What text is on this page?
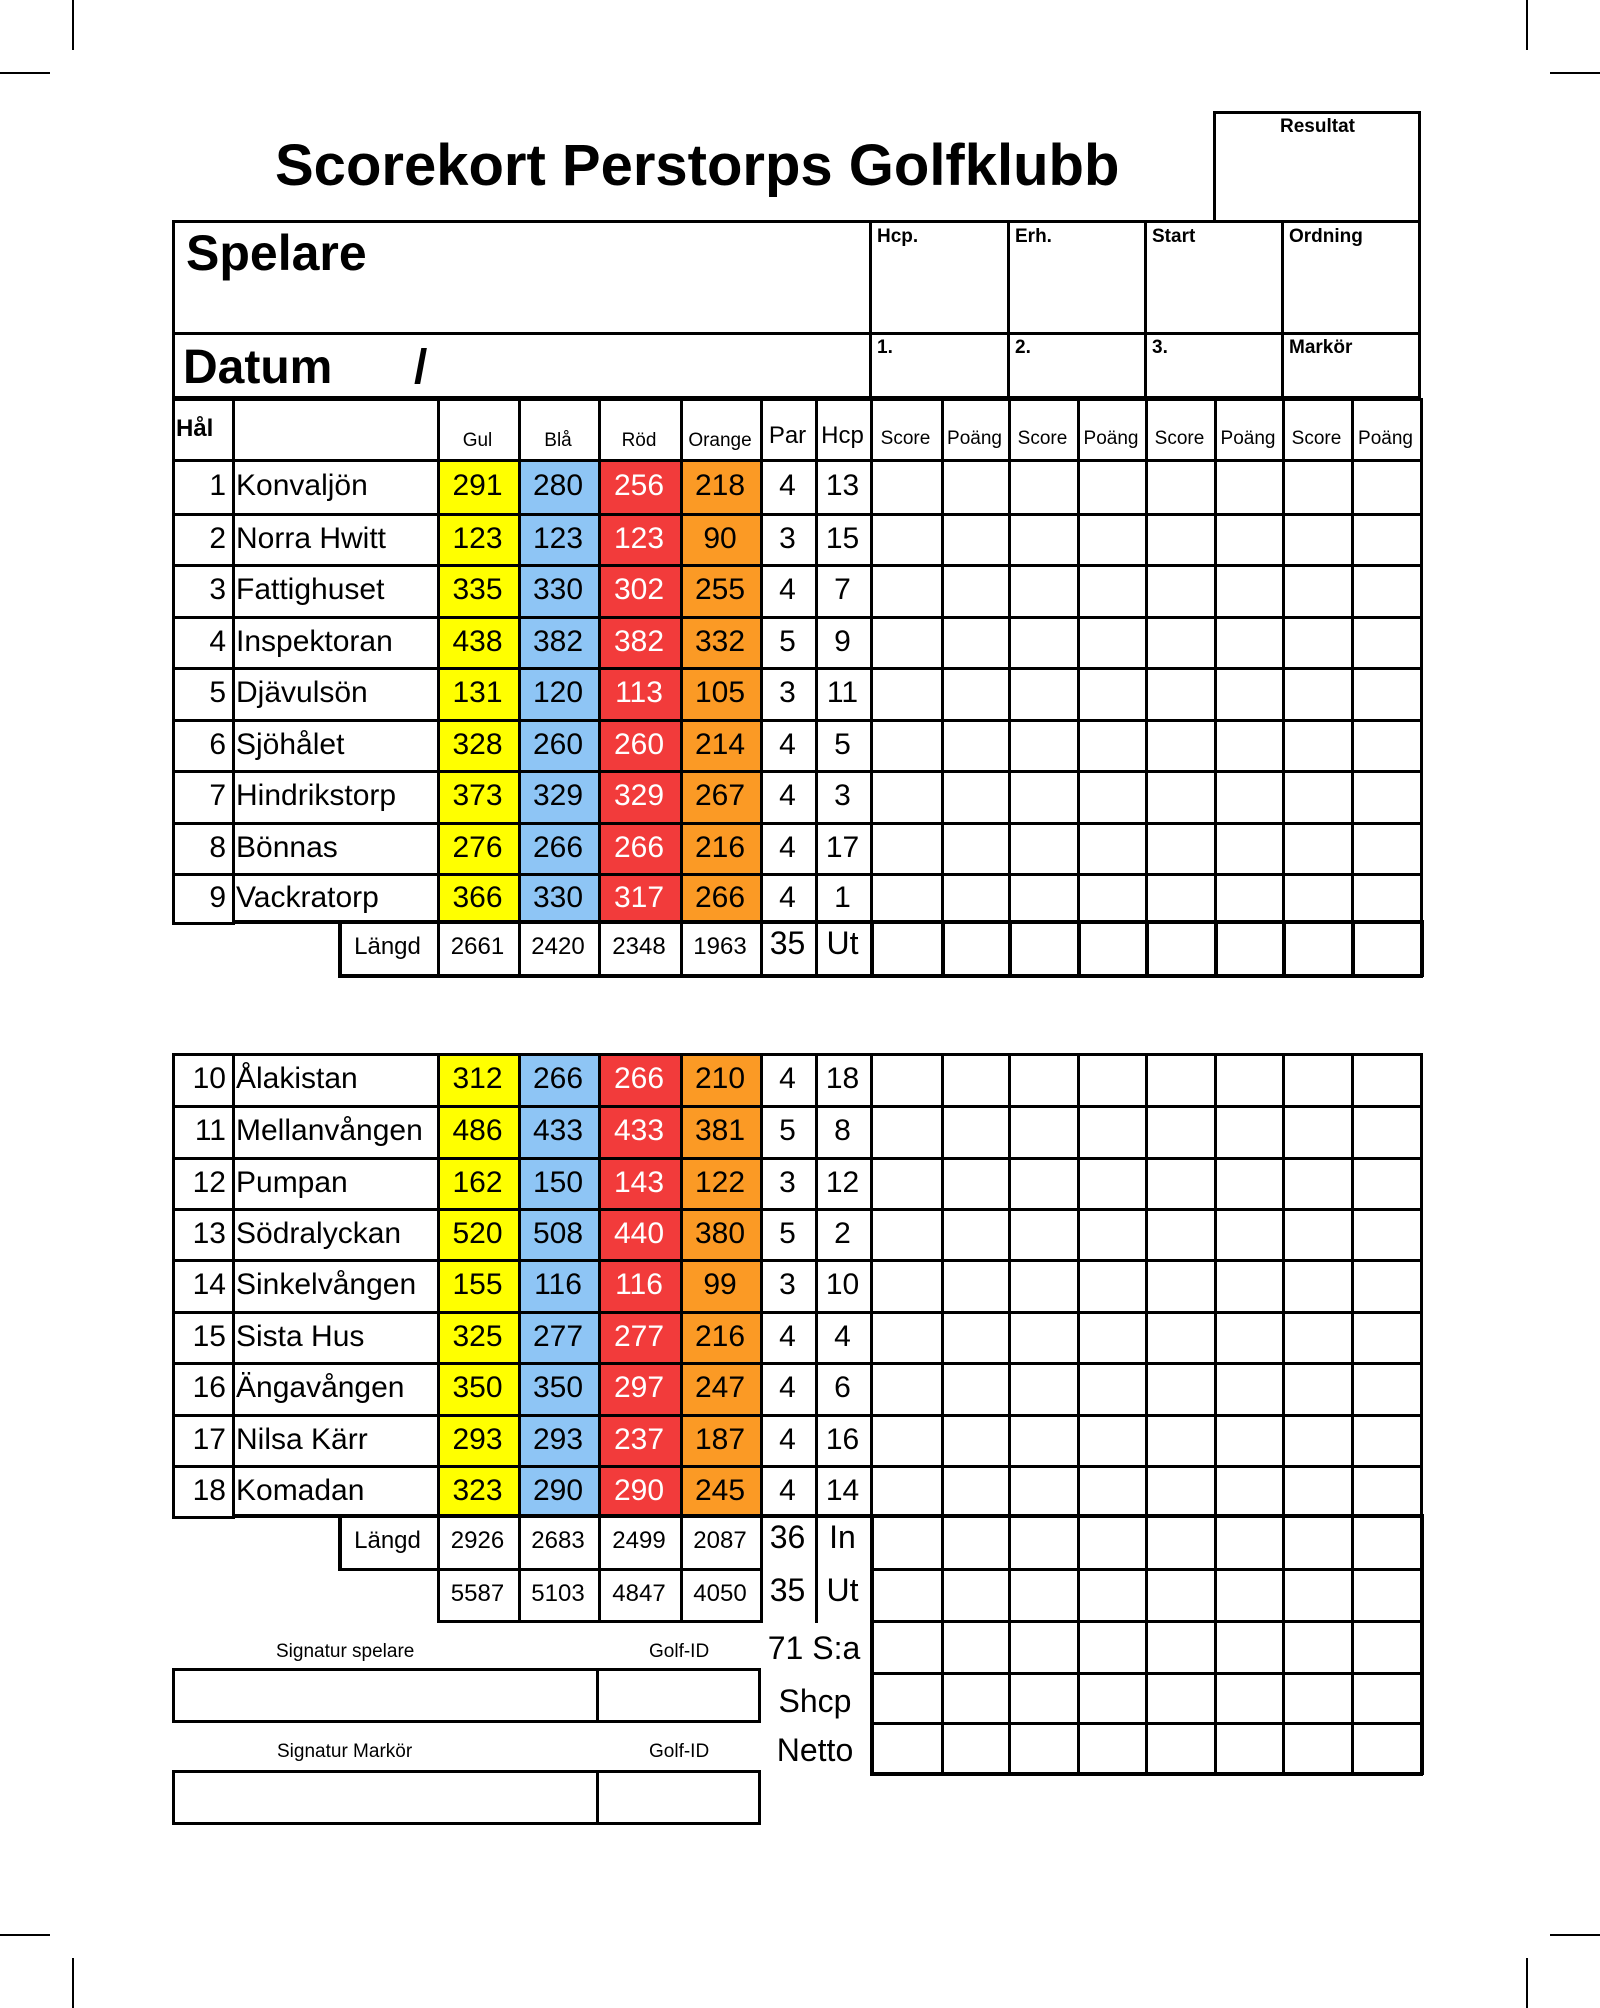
Scorekort Perstorps Golfklubb
Resultat
Spelare
Datum /
Hål	Gul	Blå	Röd	Orange Par Hcp Score Poäng Score Poäng Score Poäng Score Poäng
1 Konvaljön	291	280	256	218	4 13
2 Norra Hwitt	123	123	123	90	3 15
3 Fattighuset	335	330	302	255	4	7
4 Inspektoran	438	382	382	332	5	9
5 Djävulsön	131	120	113	105	3	11
6 Sjöhålet	328	260	260	214	4	5
7 Hindrikstorp	373	329	329	267	4	3
8 Bönnas	276	266	266	216	4 17
9 Vackratorp	366	330	317	266	4	1
Längd	2661	2420	2348	1963 35 Ut
10 Ålakistan	312	266	266	210	4 18
11 Mellanvången 486	433	433	381	5	8
12 Pumpan	162	150	143	122	3 12
13 Södralyckan	520	508	440	380	5	2
14 Sinkelvången	155	116	116	99	3 10
15 Sista Hus	325	277	277	216	4	4
16 Ängavången	350	350	297	247	4	6
17 Nilsa Kärr	293	293	237	187	4 16
18 Komadan	323	290	290	245	4 14
Längd	2926	2683	2499	2087 36 In
5587	5103	4847	4050 35 Ut
71 S:a
Shcp
Netto
Signatur spelare	Golf-ID
Signatur Markör	Golf-ID
Hcp.	Erh.	Start	Ordning
1.	2.	3.	Markör
